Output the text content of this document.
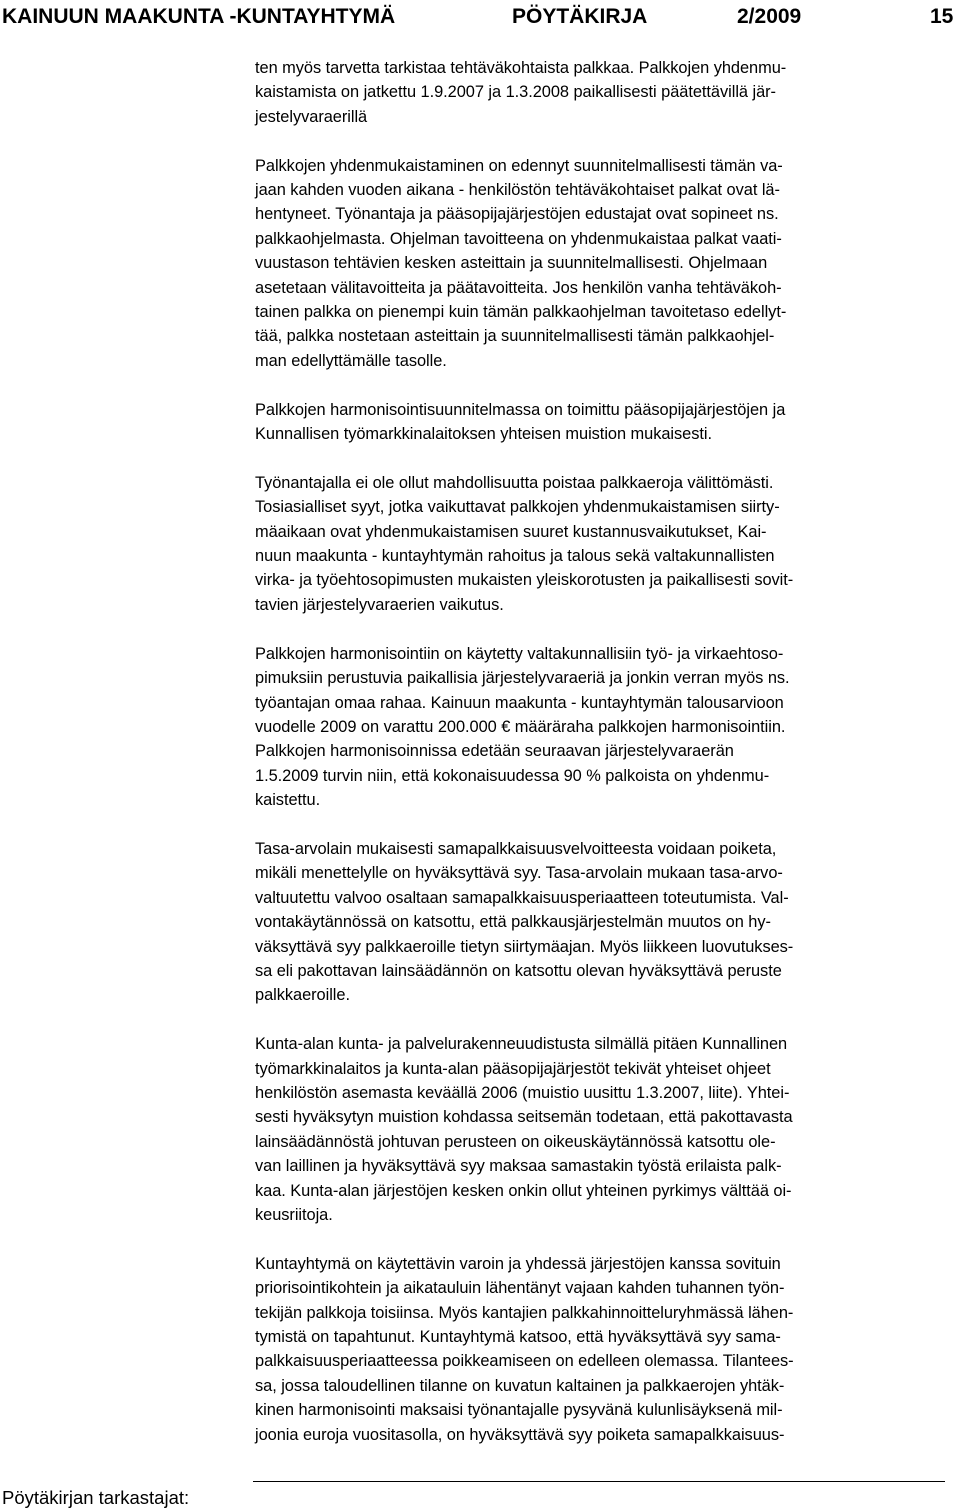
KAINUUN MAAKUNTA -KUNTAYHTYMÄ	PÖYTÄKIRJA	2/2009	15
ten myös tarvetta tarkistaa tehtäväkohtaista palkkaa. Palkkojen yhdenmu-
kaistamista on jatkettu 1.9.2007 ja 1.3.2008 paikallisesti päätettävillä jär-
jestelyvaraerillä
Palkkojen yhdenmukaistaminen on edennyt suunnitelmallisesti tämän va-
jaan kahden vuoden aikana - henkilöstön tehtäväkohtaiset palkat ovat lä-
hentyneet. Työnantaja ja pääsopijajärjestöjen edustajat ovat sopineet ns.
palkkaohjelmasta. Ohjelman tavoitteena on yhdenmukaistaa palkat vaati-
vuustason tehtävien kesken asteittain ja suunnitelmallisesti. Ohjelmaan
asetetaan välitavoitteita ja päätavoitteita. Jos henkilön vanha tehtäväkoh-
tainen palkka on pienempi kuin tämän palkkaohjelman tavoitetaso edellyt-
tää, palkka nostetaan asteittain ja suunnitelmallisesti tämän palkkaohjel-
man edellyttämälle tasolle.
Palkkojen harmonisointisuunnitelmassa on toimittu pääsopijajärjestöjen ja
Kunnallisen työmarkkinalaitoksen yhteisen muistion mukaisesti.
Työnantajalla ei ole ollut mahdollisuutta poistaa palkkaeroja välittömästi.
Tosiasialliset syyt, jotka vaikuttavat palkkojen yhdenmukaistamisen siirty-
mäaikaan ovat yhdenmukaistamisen suuret kustannusvaikutukset, Kai-
nuun maakunta - kuntayhtymän rahoitus ja talous sekä valtakunnallisten
virka- ja työehtosopimusten mukaisten yleiskorotusten ja paikallisesti sovit-
tavien järjestelyvaraerien vaikutus.
Palkkojen harmonisointiin on käytetty valtakunnallisiin työ- ja virkaehtoso-
pimuksiin perustuvia paikallisia järjestelyvaraeriä ja jonkin verran myös ns.
työantajan omaa rahaa. Kainuun maakunta - kuntayhtymän talousarvioon
vuodelle 2009 on varattu 200.000 € määräraha palkkojen harmonisointiin.
Palkkojen harmonisoinnissa edetään seuraavan järjestelyvaraerän
1.5.2009 turvin niin, että kokonaisuudessa 90 % palkoista on yhdenmu-
kaistettu.
Tasa-arvolain mukaisesti samapalkkaisuusvelvoitteesta voidaan poiketa,
mikäli menettelylle on hyväksyttävä syy. Tasa-arvolain mukaan tasa-arvo-
valtuutettu valvoo osaltaan samapalkkaisuusperiaatteen toteutumista. Val-
vontakäytännössä on katsottu, että palkkausjärjestelmän muutos on hy-
väksyttävä syy palkkaeroille tietyn siirtymäajan. Myös liikkeen luovutukses-
sa eli pakottavan lainsäädännön on katsottu olevan hyväksyttävä peruste
palkkaeroille.
Kunta-alan kunta- ja palvelurakenneuudistusta silmällä pitäen Kunnallinen
työmarkkinalaitos ja kunta-alan pääsopijajärjestöt tekivät yhteiset ohjeet
henkilöstön asemasta keväällä 2006 (muistio uusittu 1.3.2007, liite). Yhtei-
sesti hyväksytyn muistion kohdassa seitsemän todetaan, että pakottavasta
lainsäädännöstä johtuvan perusteen on oikeuskäytännössä katsottu ole-
van laillinen ja hyväksyttävä syy maksaa samastakin työstä erilaista palk-
kaa. Kunta-alan järjestöjen kesken onkin ollut yhteinen pyrkimys välttää oi-
keusriitoja.
Kuntayhtymä on käytettävin varoin ja yhdessä järjestöjen kanssa sovituin
priorisointikohtein ja aikatauluin lähentänyt vajaan kahden tuhannen työn-
tekijän palkkoja toisiinsa. Myös kantajien palkkahinnoitteluryhmässä lähen-
tymistä on tapahtunut. Kuntayhtymä katsoo, että hyväksyttävä syy sama-
palkkaisuusperiaatteessa poikkeamiseen on edelleen olemassa. Tilantees-
sa, jossa taloudellinen tilanne on kuvatun kaltainen ja palkkaerojen yhtäk-
kinen harmonisointi maksaisi työnantajalle pysyvänä kulunlisäyksenä mil-
joonia euroja vuositasolla, on hyväksyttävä syy poiketa samapalkkaisuus-
Pöytäkirjan tarkastajat:
